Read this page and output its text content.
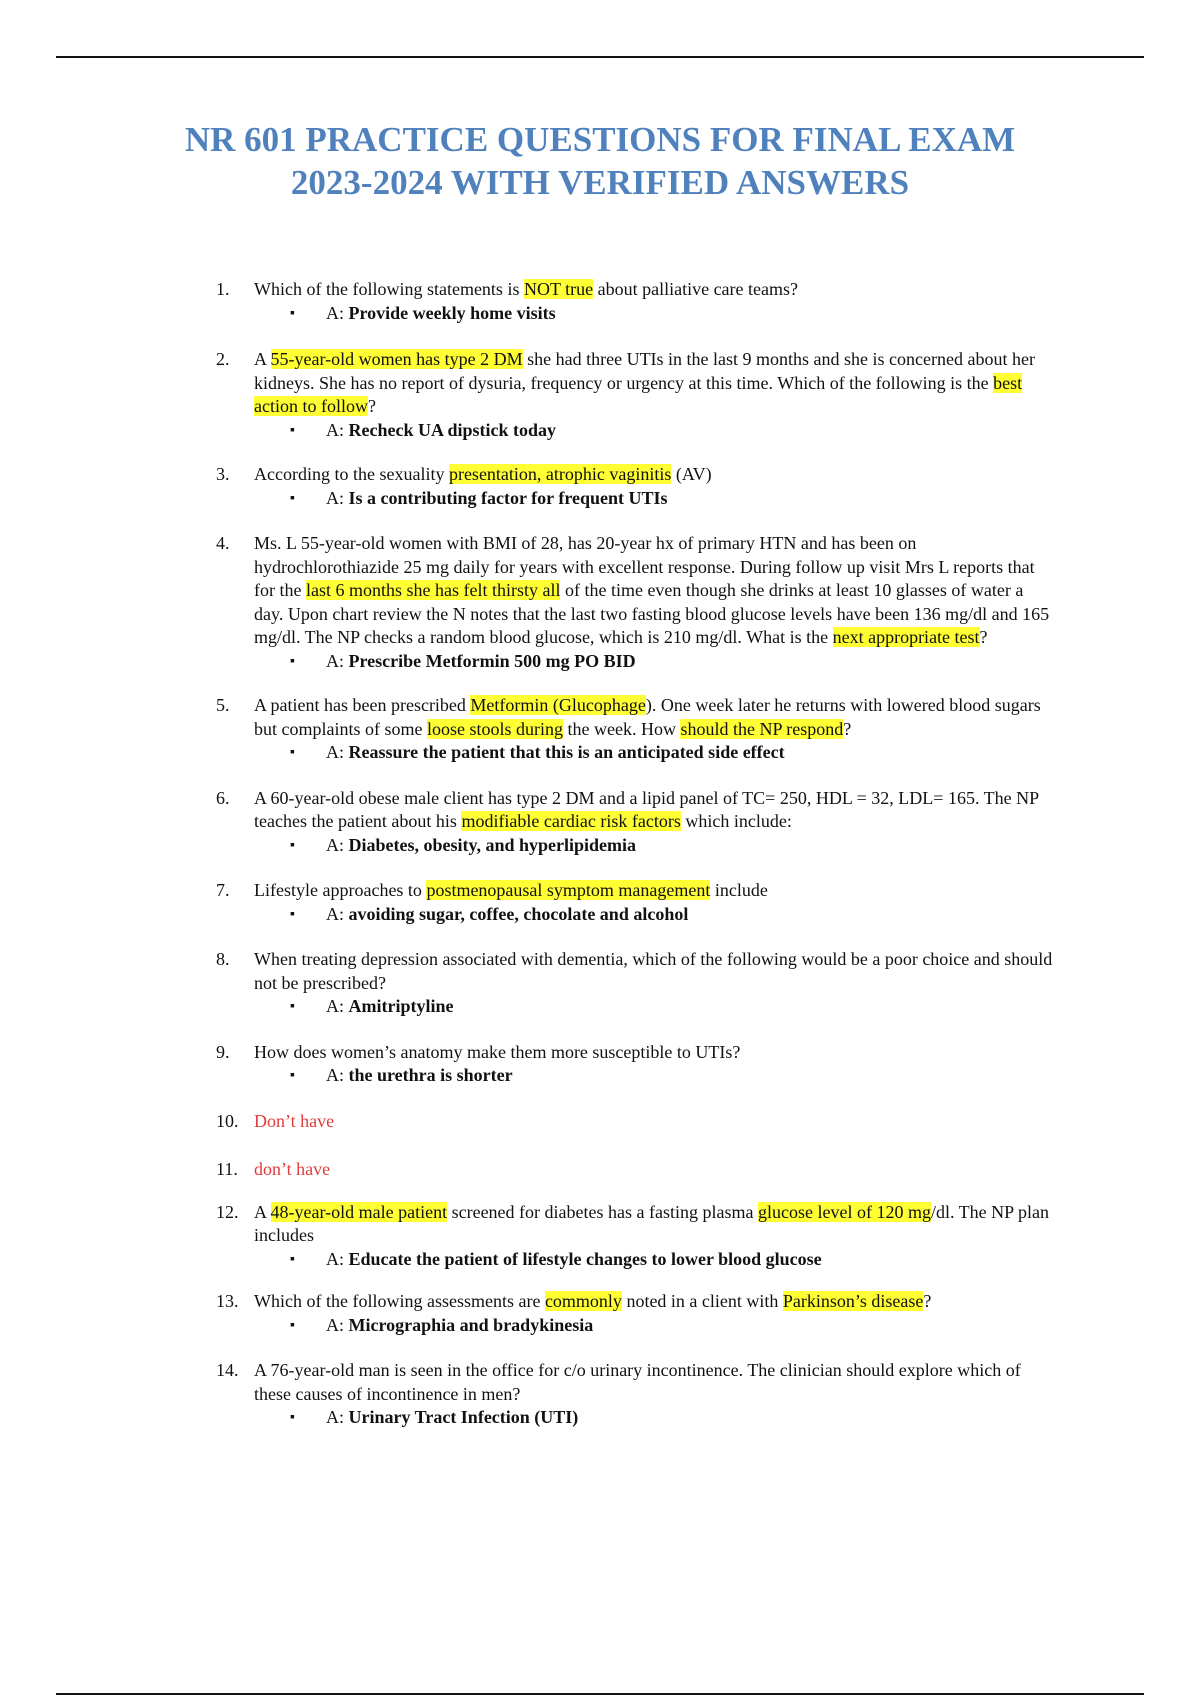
NR 601 PRACTICE QUESTIONS FOR FINAL EXAM
2023-2024 WITH VERIFIED ANSWERS
1. Which of the following statements is NOT true about palliative care teams?
▪ A: Provide weekly home visits
2. A 55-year-old women has type 2 DM she had three UTIs in the last 9 months and she is concerned about her kidneys. She has no report of dysuria, frequency or urgency at this time. Which of the following is the best action to follow?
▪ A: Recheck UA dipstick today
3. According to the sexuality presentation, atrophic vaginitis (AV)
▪ A: Is a contributing factor for frequent UTIs
4. Ms. L 55-year-old women with BMI of 28, has 20-year hx of primary HTN and has been on hydrochlorothiazide 25 mg daily for years with excellent response. During follow up visit Mrs L reports that for the last 6 months she has felt thirsty all of the time even though she drinks at least 10 glasses of water a day. Upon chart review the N notes that the last two fasting blood glucose levels have been 136 mg/dl and 165 mg/dl. The NP checks a random blood glucose, which is 210 mg/dl. What is the next appropriate test?
▪ A: Prescribe Metformin 500 mg PO BID
5. A patient has been prescribed Metformin (Glucophage). One week later he returns with lowered blood sugars but complaints of some loose stools during the week. How should the NP respond?
▪ A: Reassure the patient that this is an anticipated side effect
6. A 60-year-old obese male client has type 2 DM and a lipid panel of TC= 250, HDL = 32, LDL= 165. The NP teaches the patient about his modifiable cardiac risk factors which include:
▪ A: Diabetes, obesity, and hyperlipidemia
7. Lifestyle approaches to postmenopausal symptom management include
▪ A: avoiding sugar, coffee, chocolate and alcohol
8. When treating depression associated with dementia, which of the following would be a poor choice and should not be prescribed?
▪ A: Amitriptyline
9. How does women’s anatomy make them more susceptible to UTIs?
▪ A: the urethra is shorter
10. Don’t have
11. don’t have
12. A 48-year-old male patient screened for diabetes has a fasting plasma glucose level of 120 mg/dl. The NP plan includes
▪ A: Educate the patient of lifestyle changes to lower blood glucose
13. Which of the following assessments are commonly noted in a client with Parkinson’s disease?
▪ A: Micrographia and bradykinesia
14. A 76-year-old man is seen in the office for c/o urinary incontinence. The clinician should explore which of these causes of incontinence in men?
▪ A: Urinary Tract Infection (UTI)
